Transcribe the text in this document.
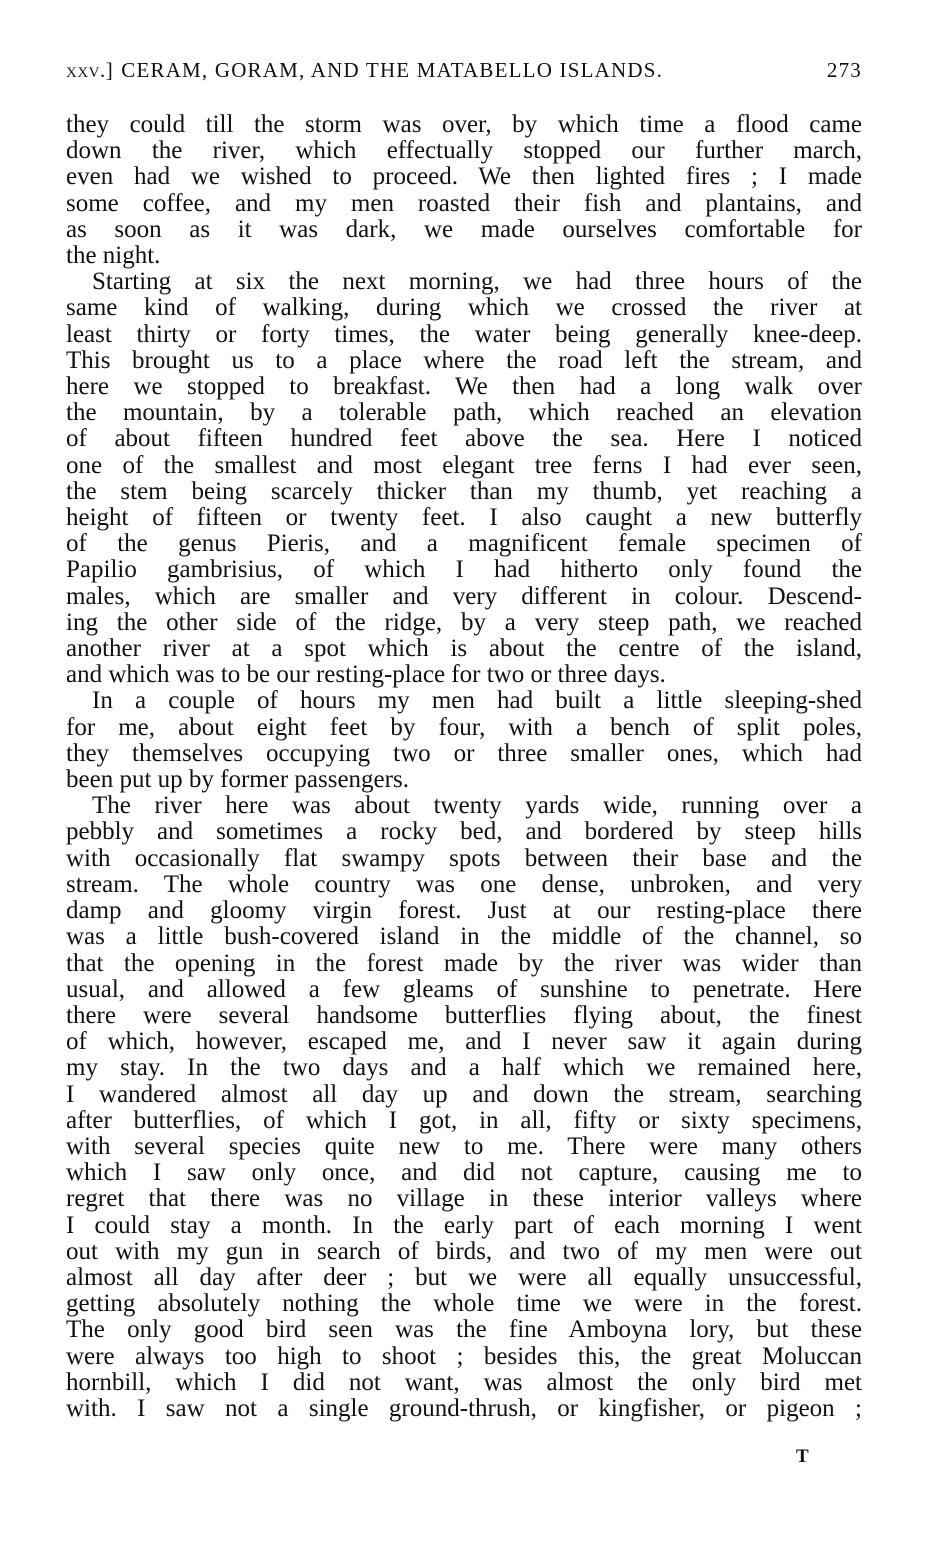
xxv.] CERAM, GORAM, AND THE MATABELLO ISLANDS.	273

they could till the storm was over, by which time a flood came

down the river, which effectually stopped our further march,

even had we wished to proceed. We then lighted fires ; I made

some coffee, and my men roasted their fish and plantains, and

as soon as it was dark, we made ourselves comfortable for

the night.

Starting at six the next morning, we had three hours of the

same kind of walking, during which we crossed the river at

least thirty or forty times, the water being generally knee-deep.

This brought us to a place where the road left the stream, and

here we stopped to breakfast. We then had a long walk over

the mountain, by a tolerable path, which reached an elevation

of about fifteen hundred feet above the sea. Here I noticed

one of the smallest and most elegant tree ferns I had ever seen,

the stem being scarcely thicker than my thumb, yet reaching a

height of fifteen or twenty feet. I also caught a new butterfly

of the genus Pieris, and a magnificent female specimen of

Papilio gambrisius, of which I had hitherto only found the

males, which are smaller and very different in colour. Descend-

ing the other side of the ridge, by a very steep path, we reached

another river at a spot which is about the centre of the island,

and which was to be our resting-place for two or three days.

In a couple of hours my men had built a little sleeping-shed

for me, about eight feet by four, with a bench of split poles,

they themselves occupying two or three smaller ones, which had

been put up by former passengers.

The river here was about twenty yards wide, running over a

pebbly and sometimes a rocky bed, and bordered by steep hills

with occasionally flat swampy spots between their base and the

stream. The whole country was one dense, unbroken, and very

damp and gloomy virgin forest. Just at our resting-place there

was a little bush-covered island in the middle of the channel, so

that the opening in the forest made by the river was wider than

usual, and allowed a few gleams of sunshine to penetrate. Here

there were several handsome butterflies flying about, the finest

of which, however, escaped me, and I never saw it again during

my stay. In the two days and a half which we remained here,

I wandered almost all day up and down the stream, searching

after butterflies, of which I got, in all, fifty or sixty specimens,

with several species quite new to me. There were many others

which I saw only once, and did not capture, causing me to

regret that there was no village in these interior valleys where

I could stay a month. In the early part of each morning I went

out with my gun in search of birds, and two of my men were out

almost all day after deer ; but we were all equally unsuccessful,

getting absolutely nothing the whole time we were in the forest.

The only good bird seen was the fine Amboyna lory, but these

were always too high to shoot ; besides this, the great Moluccan

hornbill, which I did not want, was almost the only bird met

with. I saw not a single ground-thrush, or kingfisher, or pigeon ;

T
